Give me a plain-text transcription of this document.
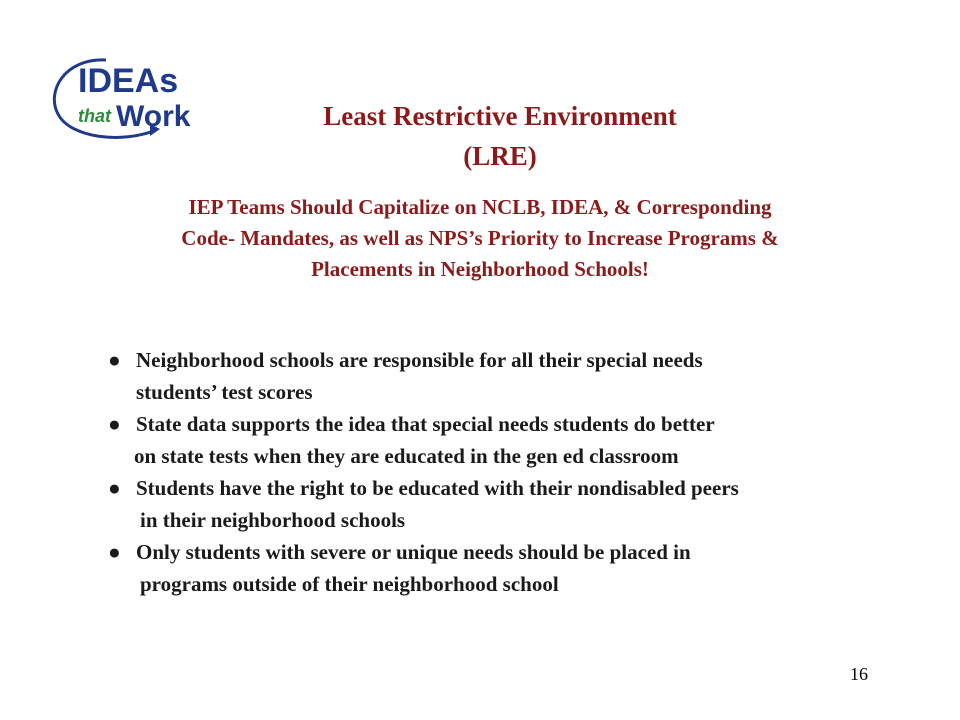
IDEAs
that Work	Least Restrictive Environment
(LRE)
IEP Teams Should Capitalize on NCLB, IDEA, & Corresponding
Code- Mandates, as well as NPS’s Priority to Increase Programs &
Placements in Neighborhood Schools!
● Neighborhood schools are responsible for all their special needs
students’ test scores
● State data supports the idea that special needs students do better
on state tests when they are educated in the gen ed classroom
● Students have the right to be educated with their nondisabled peers
in their neighborhood schools
● Only students with severe or unique needs should be placed in
programs outside of their neighborhood school
16
